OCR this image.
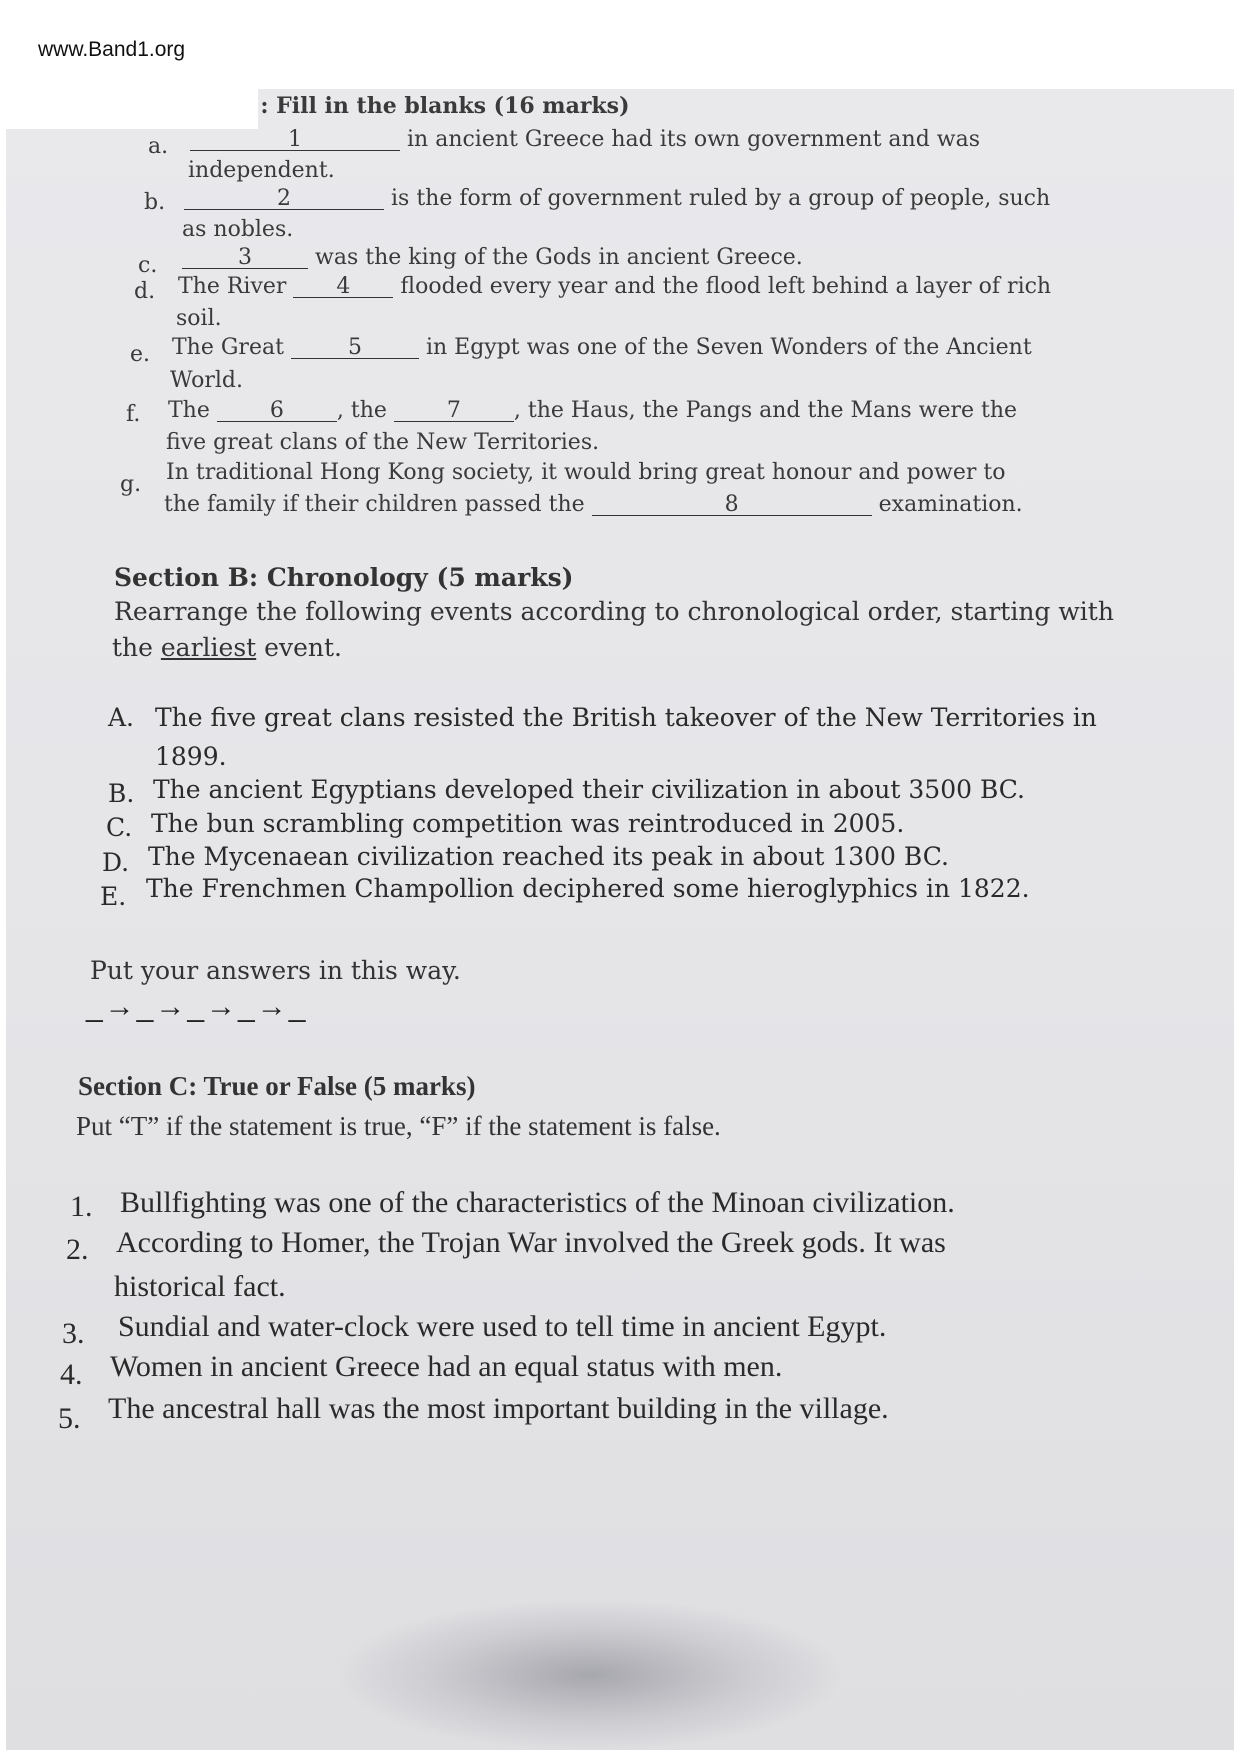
www.Band1.org
 : Fill in the blanks (16 marks)
a.	1	in ancient Greece had its own government and was
independent.
b.	2	is the form of government ruled by a group of people, such
as nobles.
c.	3	was the king of the Gods in ancient Greece.
d. The River 4 flooded every year and the flood left behind a layer of rich
soil.
e. The Great	5	in Egypt was one of the Seven Wonders of the Ancient
World.
f. The	6 , the	7 , the Haus, the Pangs and the Mans were the
five great clans of the New Territories.
g. In traditional Hong Kong society, it would bring great honour and power to
the family if their children passed the	8	examination.
Section B: Chronology (5 marks)
Rearrange the following events according to chronological order, starting with
the earliest event.
A. The five great clans resisted the British takeover of the New Territories in
1899.
B. The ancient Egyptians developed their civilization in about 3500 BC.
C. The bun scrambling competition was reintroduced in 2005.
D. The Mycenaean civilization reached its peak in about 1300 BC.
E. The Frenchmen Champollion deciphered some hieroglyphics in 1822.
Put your answers in this way.
_→_→_→_→_
Section C: True or False (5 marks)
Put “T” if the statement is true, “F” if the statement is false.
1. Bullfighting was one of the characteristics of the Minoan civilization.
2. According to Homer, the Trojan War involved the Greek gods. It was
historical fact.
3. Sundial and water-clock were used to tell time in ancient Egypt.
4. Women in ancient Greece had an equal status with men.
5. The ancestral hall was the most important building in the village.
